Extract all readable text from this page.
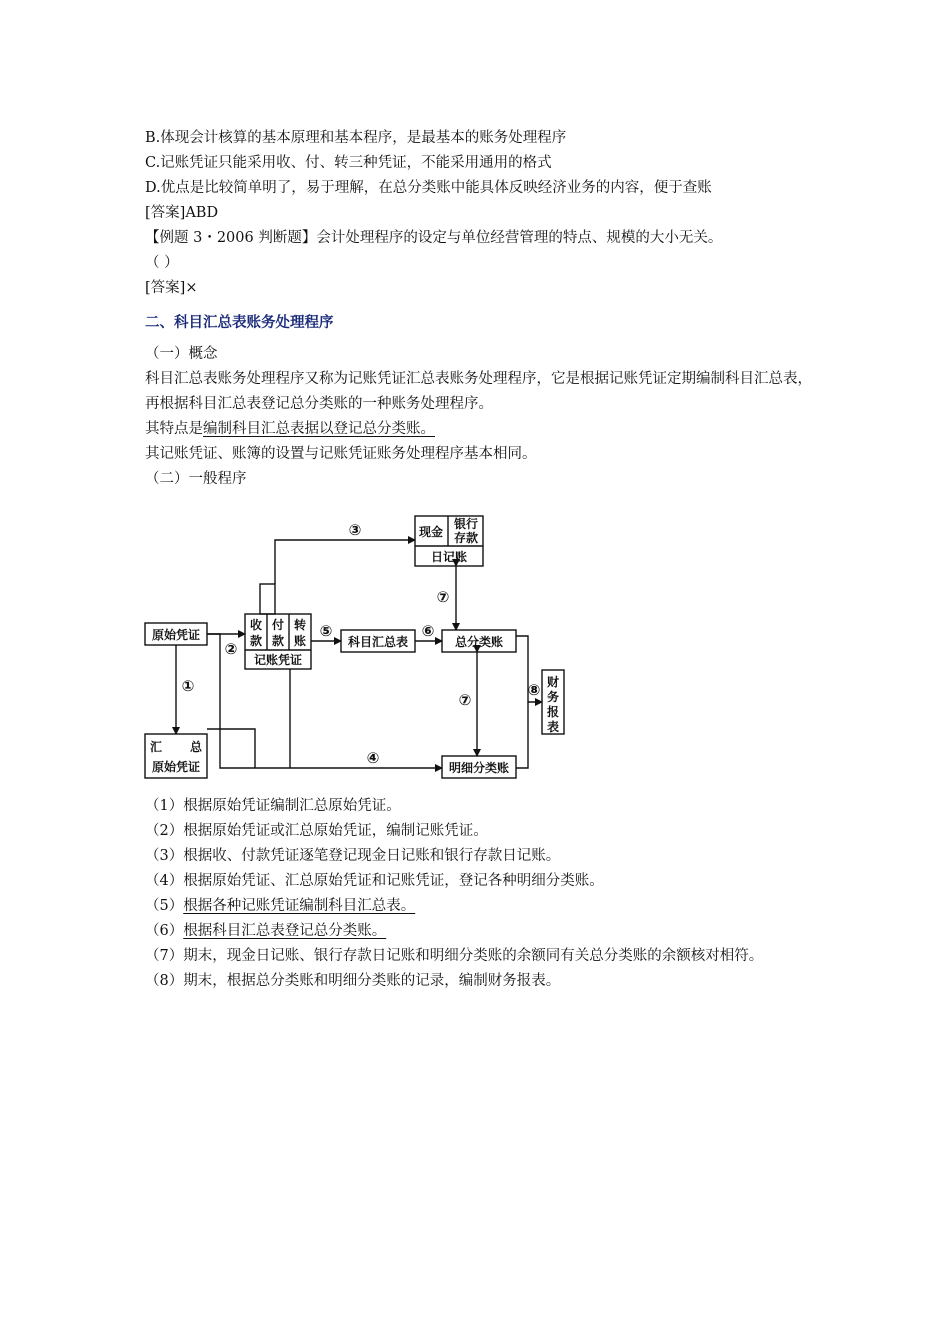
B.体现会计核算的基本原理和基本程序，是最基本的账务处理程序
C.记账凭证只能采用收、付、转三种凭证，不能采用通用的格式
D.优点是比较简单明了，易于理解，在总分类账中能具体反映经济业务的内容，便于查账
[答案]ABD
【例题 3・2006 判断题】会计处理程序的设定与单位经营管理的特点、规模的大小无关。
（ ）
[答案]×
二、科目汇总表账务处理程序
（一）概念
科目汇总表账务处理程序又称为记账凭证汇总表账务处理程序，它是根据记账凭证定期编制科目汇总表，再根据科目汇总表登记总分类账的一种账务处理程序。
其特点是编制科目汇总表据以登记总分类账。
其记账凭证、账簿的设置与记账凭证账务处理程序基本相同。
（二）一般程序
原始凭证
汇 总
原始凭证
收
款
付
款
转
账
记账凭证
现金
银行
存款
日记账
科目汇总表	总分类账
明细分类账
财
务
报
表
①
②
③
④
⑤	⑥
⑦
⑦
⑧
（1）根据原始凭证编制汇总原始凭证。
（2）根据原始凭证或汇总原始凭证，编制记账凭证。
（3）根据收、付款凭证逐笔登记现金日记账和银行存款日记账。
（4）根据原始凭证、汇总原始凭证和记账凭证，登记各种明细分类账。
（5）根据各种记账凭证编制科目汇总表。
（6）根据科目汇总表登记总分类账。
（7）期末，现金日记账、银行存款日记账和明细分类账的余额同有关总分类账的余额核对相符。
（8）期末，根据总分类账和明细分类账的记录，编制财务报表。
